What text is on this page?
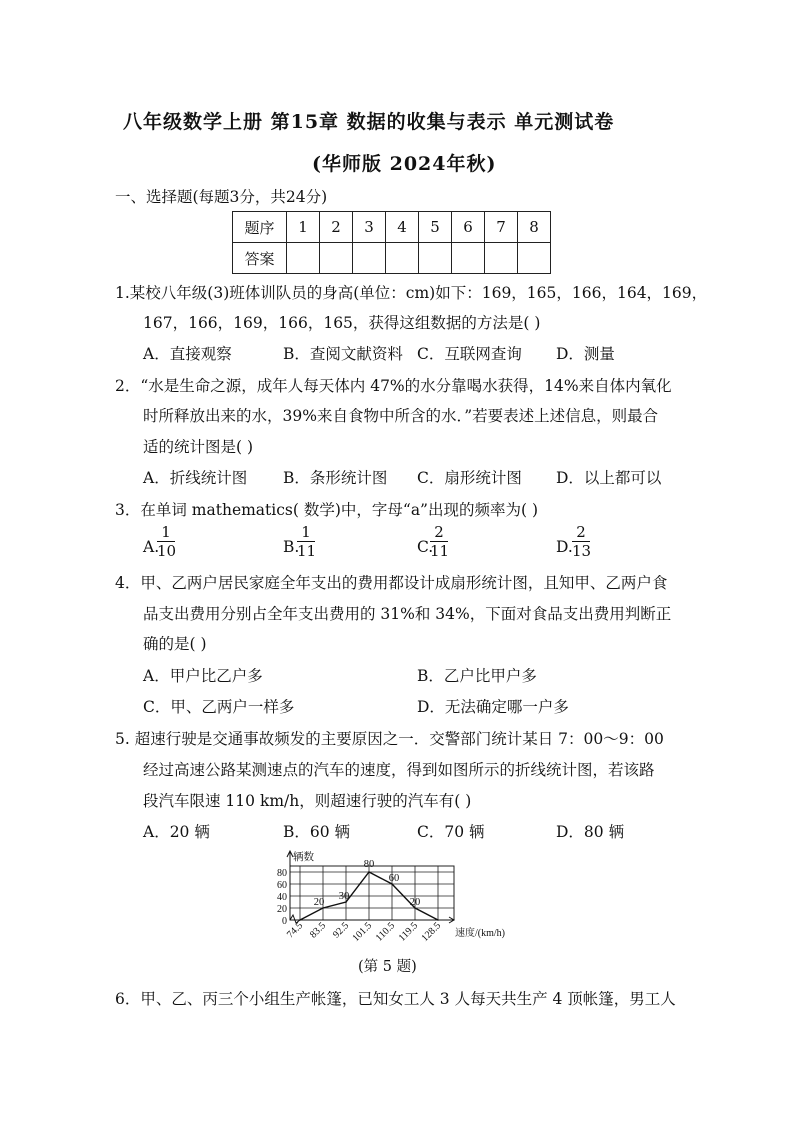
八年级数学上册 第15章 数据的收集与表示 单元测试卷
(华师版 2024年秋)
一、选择题(每题3分，共24分)
题序	1	2	3	4	5	6	7	8
答案								
1.某校八年级(3)班体训队员的身高(单位：cm)如下：169，165，166，164，169，
167，166，169，166，165，获得这组数据的方法是( )
A．直接观察	B．查阅文献资料 C．互联网查询 D．测量
2．“水是生命之源，成年人每天体内 47%的水分靠喝水获得，14%来自体内氧化
时所释放出来的水，39%来自食物中所含的水．”若要表述上述信息，则最合
适的统计图是( )
A．折线统计图 B．条形统计图 C．扇形统计图 D．以上都可以
3．在单词 mathematics( 数学)中，字母“a”出现的频率为( )
A.
1
10	B.
1
11	C.
2
11	D.
2
13
4．甲、乙两户居民家庭全年支出的费用都设计成扇形统计图，且知甲、乙两户食
品支出费用分别占全年支出费用的 31%和 34%，下面对食品支出费用判断正
确的是( )
A．甲户比乙户多	B．乙户比甲户多
C．甲、乙两户一样多	D．无法确定哪一户多
5. 超速行驶是交通事故频发的主要原因之一．交警部门统计某日 7：00～9：00
经过高速公路某测速点的汽车的速度，得到如图所示的折线统计图，若该路
段汽车限速 110 km/h，则超速行驶的汽车有( )
A．20 辆	B．60 辆	C．70 辆	D．80 辆
0
20
40
60
80
辆数
速度/(km/h)
74.5 83.5 92.5 101.5 110.5 119.5 128.5
20
30
80
60
20
(第 5 题)
6．甲、乙、丙三个小组生产帐篷，已知女工人 3 人每天共生产 4 顶帐篷，男工人
